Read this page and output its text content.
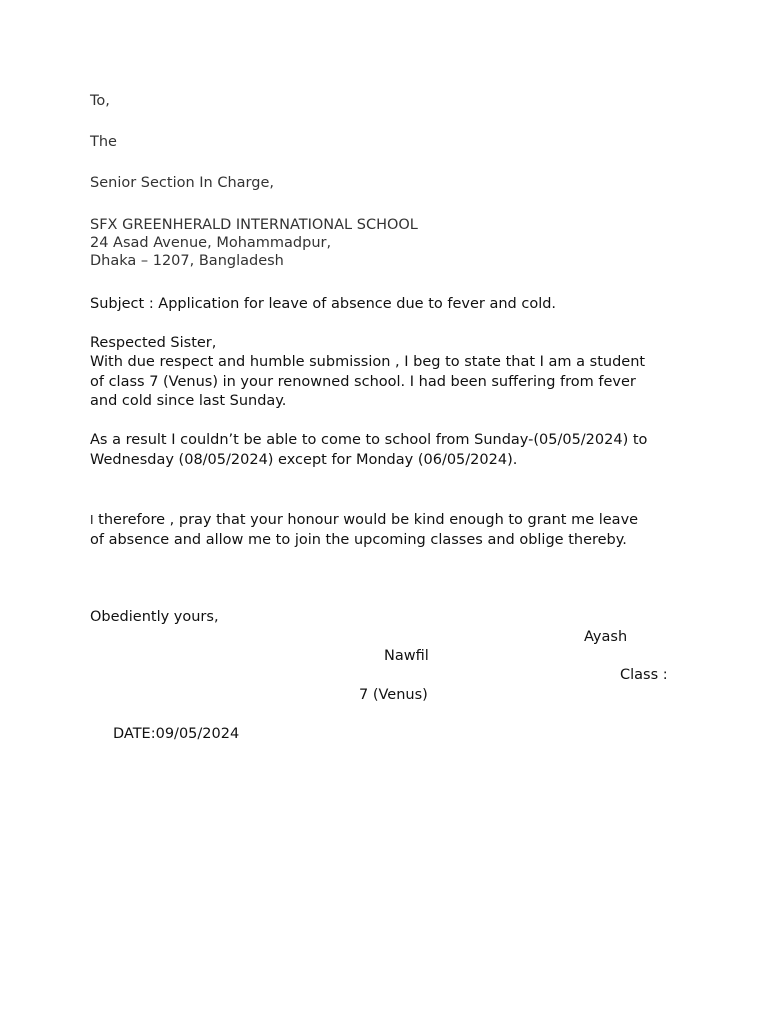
To,
The
Senior Section In Charge,
SFX GREENHERALD INTERNATIONAL SCHOOL
24 Asad Avenue, Mohammadpur,
Dhaka – 1207, Bangladesh
Subject : Application for leave of absence due to fever and cold.
Respected Sister,
With due respect and humble submission , I beg to state that I am a student
of class 7 (Venus) in your renowned school. I had been suffering from fever
and cold since last Sunday.
As a result I couldn’t be able to come to school from Sunday-(05/05/2024) to
Wednesday (08/05/2024) except for Monday (06/05/2024).
I therefore , pray that your honour would be kind enough to grant me leave
of absence and allow me to join the upcoming classes and oblige thereby.
Obediently yours,
Ayash
Nawfil
Class :
7 (Venus)
DATE:09/05/2024
